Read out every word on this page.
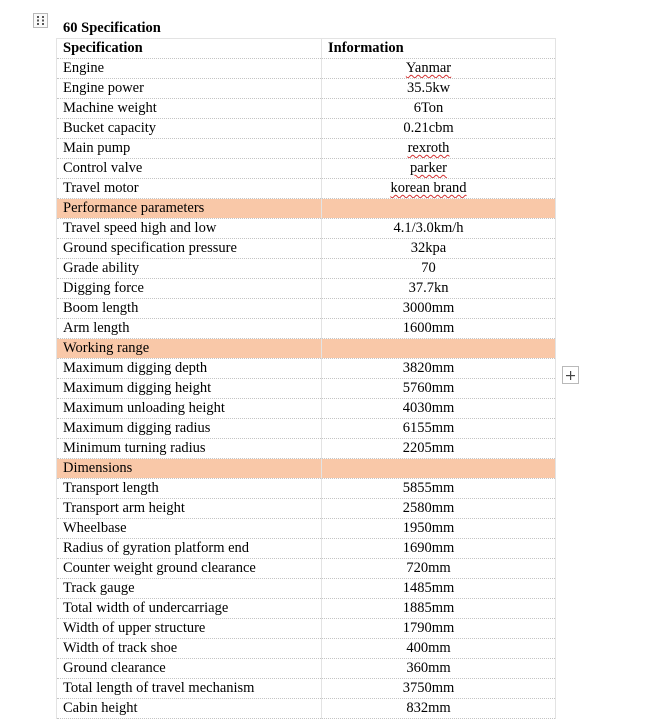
60 Specification
Specification	Information
Engine	Yanmar
Engine power	35.5kw
Machine weight	6Ton
Bucket capacity	0.21cbm
Main pump	rexroth
Control valve	parker
Travel motor	korean brand
Performance parameters	
Travel speed high and low	4.1/3.0km/h
Ground specification pressure	32kpa
Grade ability	70
Digging force	37.7kn
Boom length	3000mm
Arm length	1600mm
Working range	
Maximum digging depth	3820mm
Maximum digging height	5760mm
Maximum unloading height	4030mm
Maximum digging radius	6155mm
Minimum turning radius	2205mm
Dimensions	
Transport length	5855mm
Transport arm height	2580mm
Wheelbase	1950mm
Radius of gyration platform end	1690mm
Counter weight ground clearance	720mm
Track gauge	1485mm
Total width of undercarriage	1885mm
Width of upper structure	1790mm
Width of track shoe	400mm
Ground clearance	360mm
Total length of travel mechanism	3750mm
Cabin height	832mm
